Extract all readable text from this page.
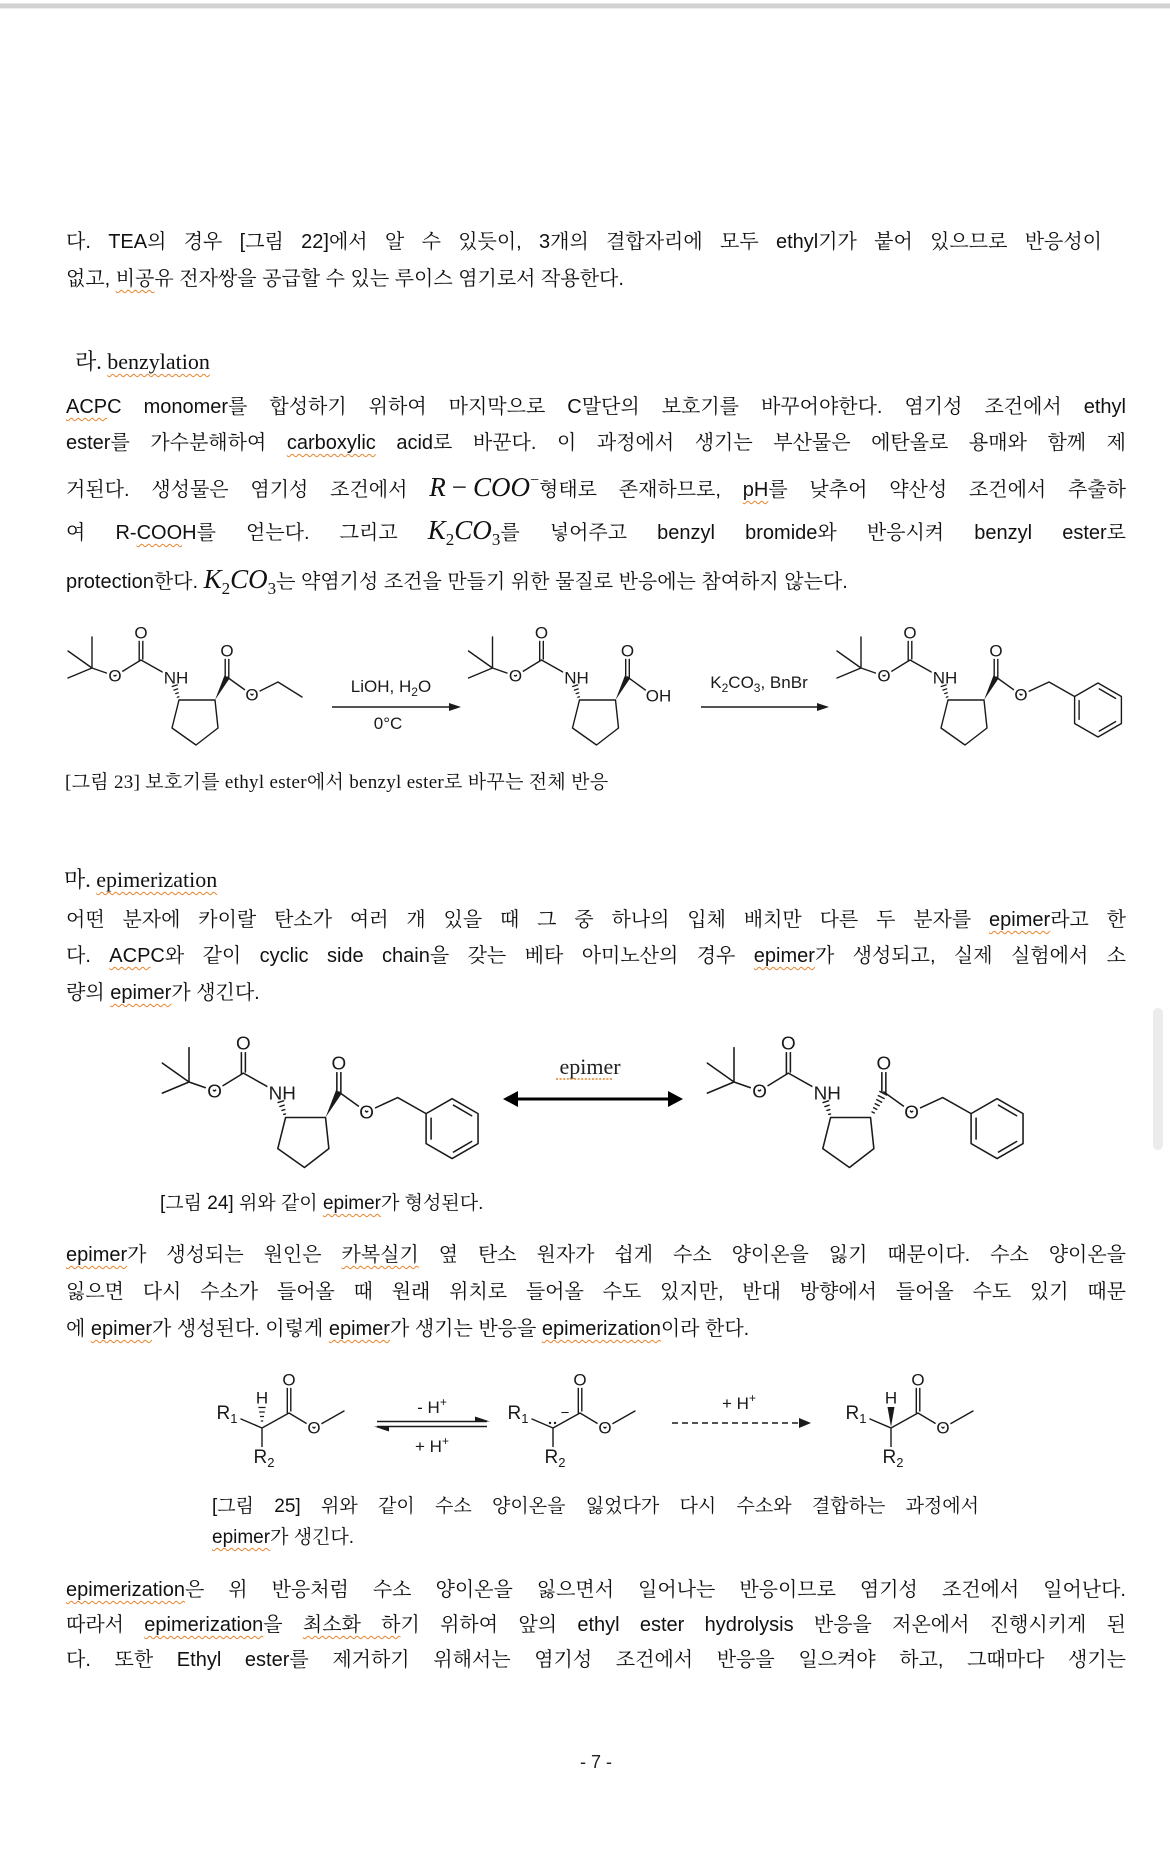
다. TEA의 경우 [그림 22]에서 알 수 있듯이, 3개의 결합자리에 모두 ethyl기가 붙어 있으므로 반응성이
없고, 비공유 전자쌍을 공급할 수 있는 루이스 염기로서 작용한다.
라. benzylation
ACPC monomer를 합성하기 위하여 마지막으로 C말단의 보호기를 바꾸어야한다. 염기성 조건에서 ethyl
ester를 가수분해하여 carboxylic acid로 바꾼다. 이 과정에서 생기는 부산물은 에탄올로 용매와 함께 제
거된다. 생성물은 염기성 조건에서 R − COO−형태로 존재하므로, pH를 낮추어 약산성 조건에서 추출하
여 R-COOH를 얻는다. 그리고 $K_2CO_3$를 넣어주고 benzyl bromide와 반응시켜 benzyl ester로
protection한다. $K_2CO_3$는 약염기성 조건을 만들기 위한 물질로 반응에는 참여하지 않는다.
LiOH, $H_2O$
0°C
$K_2CO_3$, BnBr
[그림 23] 보호기를 ethyl ester에서 benzyl ester로 바꾸는 전체 반응
마. epimerization
어떤 분자에 카이랄 탄소가 여러 개 있을 때 그 중 하나의 입체 배치만 다른 두 분자를 epimer라고 한
다. ACPC와 같이 cyclic side chain을 갖는 베타 아미노산의 경우 epimer가 생성되고, 실제 실험에서 소
량의 epimer가 생긴다.
epimer
[그림 24] 위와 같이 epimer가 형성된다.
epimer가 생성되는 원인은 카복실기 옆 탄소 원자가 쉽게 수소 양이온을 잃기 때문이다. 수소 양이온을
잃으면 다시 수소가 들어올 때 원래 위치로 들어올 수도 있지만, 반대 방향에서 들어올 수도 있기 때문
에 epimer가 생성된다. 이렇게 epimer가 생기는 반응을 epimerization이라 한다.
H	- H+
+ H+
−	+ H+	H
[그림 25] 위와 같이 수소 양이온을 잃었다가 다시 수소와 결합하는 과정에서
epimer가 생긴다.
epimerization은 위 반응처럼 수소 양이온을 잃으면서 일어나는 반응이므로 염기성 조건에서 일어난다.
따라서 epimerization을 최소화 하기 위하여 앞의 ethyl ester hydrolysis 반응을 저온에서 진행시키게 된
다. 또한 Ethyl ester를 제거하기 위해서는 염기성 조건에서 반응을 일으켜야 하고, 그때마다 생기는
- 7 -
